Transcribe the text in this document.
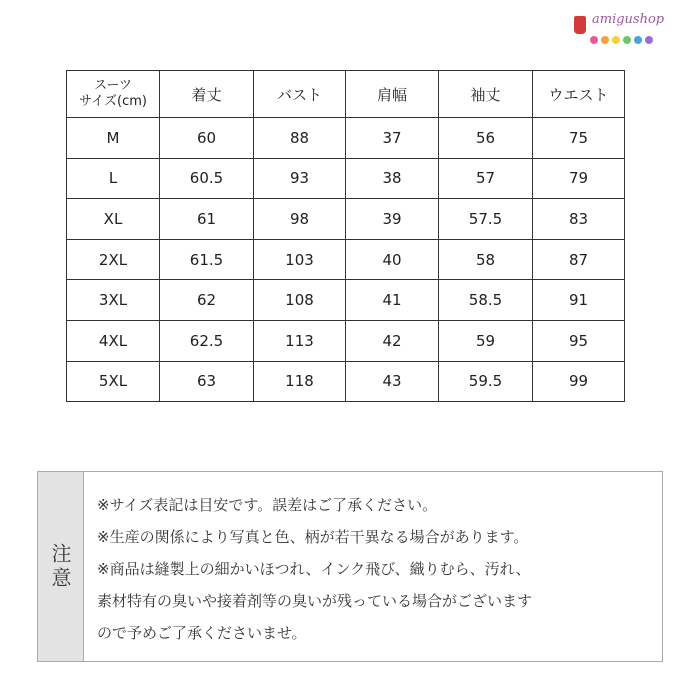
amigushop
スーツ
サイズ(cm)	着丈	バスト	肩幅	袖丈	ウエスト
M	60	88	37	56	75
L	60.5	93	38	57	79
XL	61	98	39	57.5	83
2XL	61.5	103	40	58	87
3XL	62	108	41	58.5	91
4XL	62.5	113	42	59	95
5XL	63	118	43	59.5	99
注意
※サイズ表記は目安です。誤差はご了承ください。
※生産の関係により写真と色、柄が若干異なる場合があります。
※商品は縫製上の細かいほつれ、インク飛び、織りむら、汚れ、
素材特有の臭いや接着剤等の臭いが残っている場合がございます
ので予めご了承くださいませ。
